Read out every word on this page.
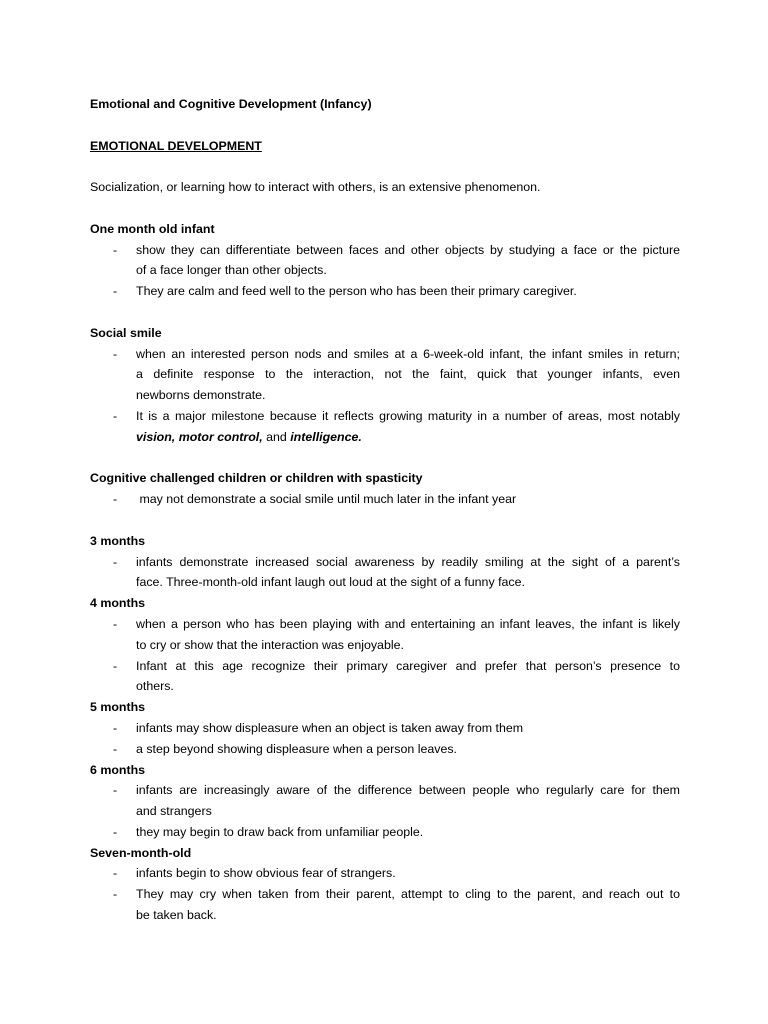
Emotional and Cognitive Development (Infancy)
EMOTIONAL DEVELOPMENT
Socialization, or learning how to interact with others, is an extensive phenomenon.
One month old infant
- show they can differentiate between faces and other objects by studying a face or the picture
of a face longer than other objects.
- They are calm and feed well to the person who has been their primary caregiver.
Social smile
- when an interested person nods and smiles at a 6-week-old infant, the infant smiles in return;
a definite response to the interaction, not the faint, quick that younger infants, even
newborns demonstrate.
- It is a major milestone because it reflects growing maturity in a number of areas, most notably
vision, motor control, and intelligence.
Cognitive challenged children or children with spasticity
- may not demonstrate a social smile until much later in the infant year
3 months
- infants demonstrate increased social awareness by readily smiling at the sight of a parent’s
face. Three-month-old infant laugh out loud at the sight of a funny face.
4 months
- when a person who has been playing with and entertaining an infant leaves, the infant is likely
to cry or show that the interaction was enjoyable.
- Infant at this age recognize their primary caregiver and prefer that person’s presence to
others.
5 months
- infants may show displeasure when an object is taken away from them
- a step beyond showing displeasure when a person leaves.
6 months
- infants are increasingly aware of the difference between people who regularly care for them
and strangers
- they may begin to draw back from unfamiliar people.
Seven-month-old
- infants begin to show obvious fear of strangers.
- They may cry when taken from their parent, attempt to cling to the parent, and reach out to
be taken back.
